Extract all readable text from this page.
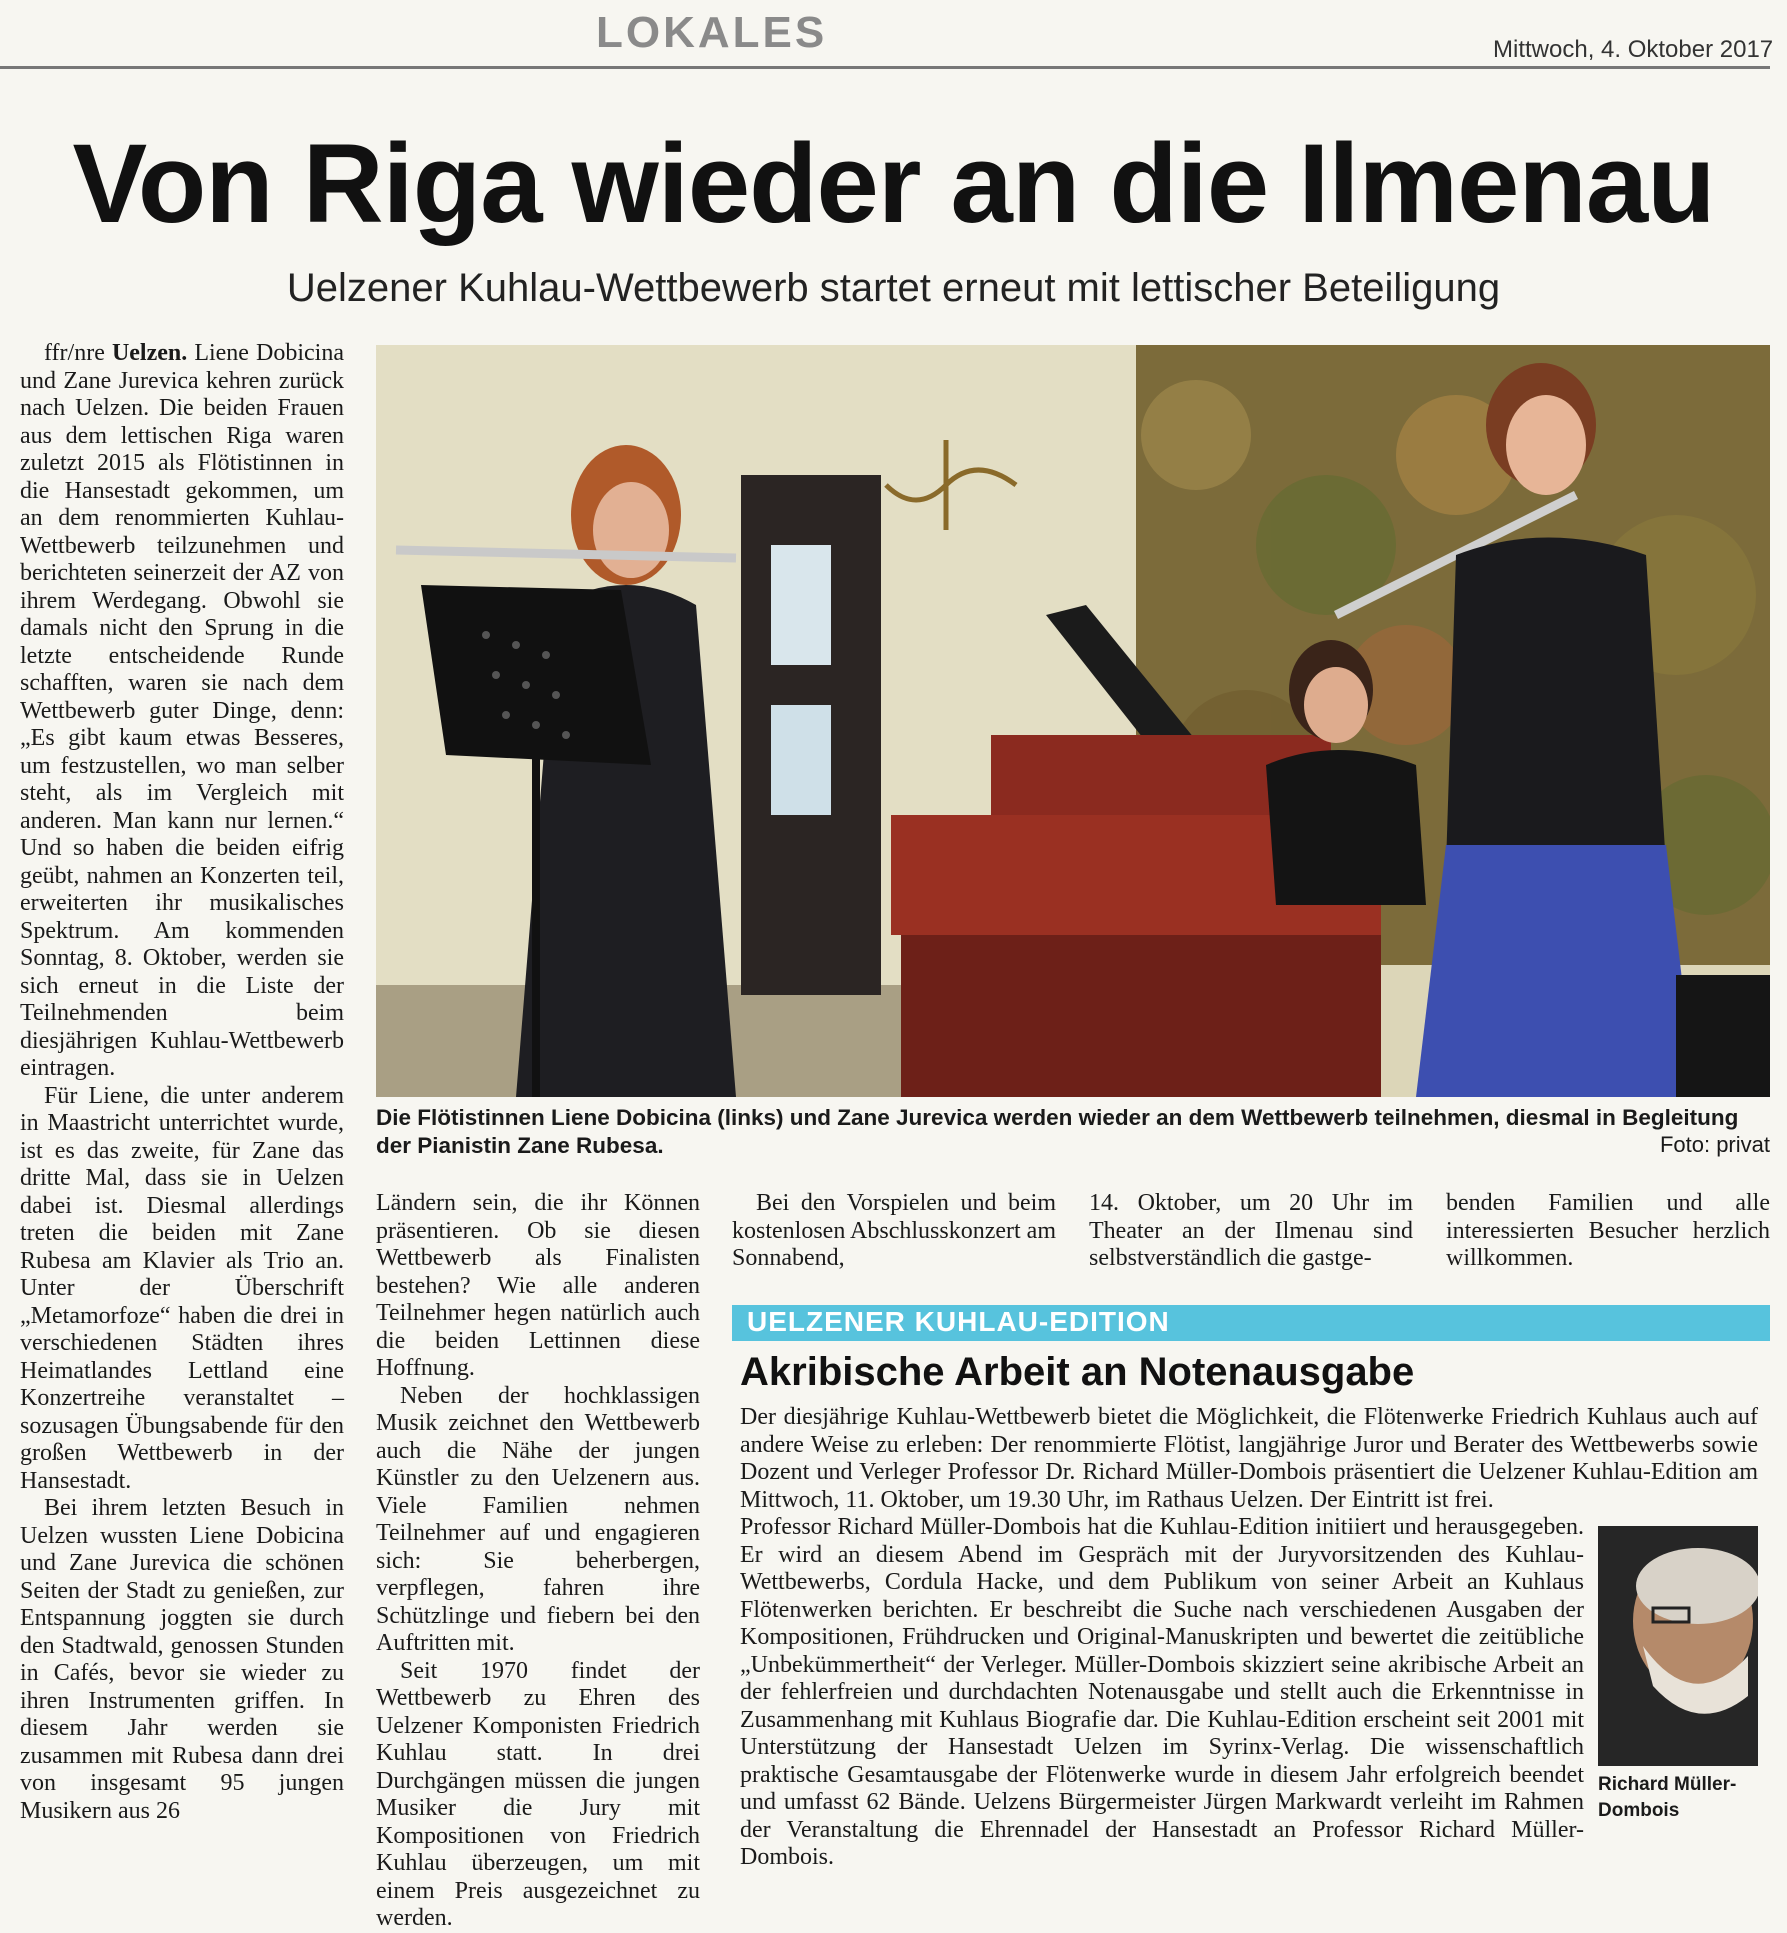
LOKALES	Mittwoch, 4. Oktober 2017
Von Riga wieder an die Ilmenau
Uelzener Kuhlau-Wettbewerb startet erneut mit lettischer Beteiligung

ffr/nre Uelzen. Liene Dobicina und Zane Jurevica kehren zurück nach Uelzen. Die beiden Frauen aus dem lettischen Riga waren zuletzt 2015 als Flötistinnen in die Hansestadt gekommen, um an dem renommierten Kuhlau-Wettbewerb teilzunehmen und berichteten seinerzeit der AZ von ihrem Werdegang. Obwohl sie damals nicht den Sprung in die letzte entscheidende Runde schafften, waren sie nach dem Wettbewerb guter Dinge, denn: „Es gibt kaum etwas Besseres, um festzustellen, wo man selber steht, als im Vergleich mit anderen. Man kann nur lernen.“ Und so haben die beiden eifrig geübt, nahmen an Konzerten teil, erweiterten ihr musikalisches Spektrum. Am kommenden Sonntag, 8. Oktober, werden sie sich erneut in die Liste der Teilnehmenden beim diesjährigen Kuhlau-Wettbewerb eintragen.

Für Liene, die unter anderem in Maastricht unterrichtet wurde, ist es das zweite, für Zane das dritte Mal, dass sie in Uelzen dabei ist. Diesmal allerdings treten die beiden mit Zane Rubesa am Klavier als Trio an. Unter der Überschrift „Metamorfoze“ haben die drei in verschiedenen Städten ihres Heimatlandes Lettland eine Konzertreihe veranstaltet – sozusagen Übungsabende für den großen Wettbewerb in der Hansestadt.

Bei ihrem letzten Besuch in Uelzen wussten Liene Dobicina und Zane Jurevica die schönen Seiten der Stadt zu genießen, zur Entspannung joggten sie durch den Stadtwald, genossen Stunden in Cafés, bevor sie wieder zu ihren Instrumenten griffen. In diesem Jahr werden sie zusammen mit Rubesa dann drei von insgesamt 95 jungen Musikern aus 26

Die Flötistinnen Liene Dobicina (links) und Zane Jurevica werden wieder an dem Wettbewerb teilnehmen, diesmal in Begleitung der Pianistin Zane Rubesa.	Foto: privat

Ländern sein, die ihr Können präsentieren. Ob sie diesen Wettbewerb als Finalisten bestehen? Wie alle anderen Teilnehmer hegen natürlich auch die beiden Lettinnen diese Hoffnung.

Neben der hochklassigen Musik zeichnet den Wettbewerb auch die Nähe der jungen Künstler zu den Uelzenern aus. Viele Familien nehmen Teilnehmer auf und engagieren sich: Sie beherbergen, verpflegen, fahren ihre Schützlinge und fiebern bei den Auftritten mit.

Seit 1970 findet der Wettbewerb zu Ehren des Uelzener Komponisten Friedrich Kuhlau statt. In drei Durchgängen müssen die jungen Musiker die Jury mit Kompositionen von Friedrich Kuhlau überzeugen, um mit einem Preis ausgezeichnet zu werden.

Bei den Vorspielen und beim kostenlosen Abschlusskonzert am Sonnabend,

14. Oktober, um 20 Uhr im Theater an der Ilmenau sind selbstverständlich die gastge-

benden Familien und alle interessierten Besucher herzlich willkommen.

UELZENER KUHLAU-EDITION
Akribische Arbeit an Notenausgabe

Der diesjährige Kuhlau-Wettbewerb bietet die Möglichkeit, die Flötenwerke Friedrich Kuhlaus auch auf andere Weise zu erleben: Der renommierte Flötist, langjährige Juror und Berater des Wettbewerbs sowie Dozent und Verleger Professor Dr. Richard Müller-Dombois präsentiert die Uelzener Kuhlau-Edition am Mittwoch, 11. Oktober, um 19.30 Uhr, im Rathaus Uelzen. Der Eintritt ist frei.

Richard Müller-Dombois

Professor Richard Müller-Dombois hat die Kuhlau-Edition initiiert und herausgegeben. Er wird an diesem Abend im Gespräch mit der Juryvorsitzenden des Kuhlau-Wettbewerbs, Cordula Hacke, und dem Publikum von seiner Arbeit an Kuhlaus Flötenwerken berichten. Er beschreibt die Suche nach verschiedenen Ausgaben der Kompositionen, Frühdrucken und Original-Manuskripten und bewertet die zeitübliche „Unbekümmertheit“ der Verleger. Müller-Dombois skizziert seine akribische Arbeit an der fehlerfreien und durchdachten Notenausgabe und stellt auch die Erkenntnisse in Zusammenhang mit Kuhlaus Biografie dar. Die Kuhlau-Edition erscheint seit 2001 mit Unterstützung der Hansestadt Uelzen im Syrinx-Verlag. Die wissenschaftlich praktische Gesamtausgabe der Flötenwerke wurde in diesem Jahr erfolgreich beendet und umfasst 62 Bände. Uelzens Bürgermeister Jürgen Markwardt verleiht im Rahmen der Veranstaltung die Ehrennadel der Hansestadt an Professor Richard Müller-Dombois.
